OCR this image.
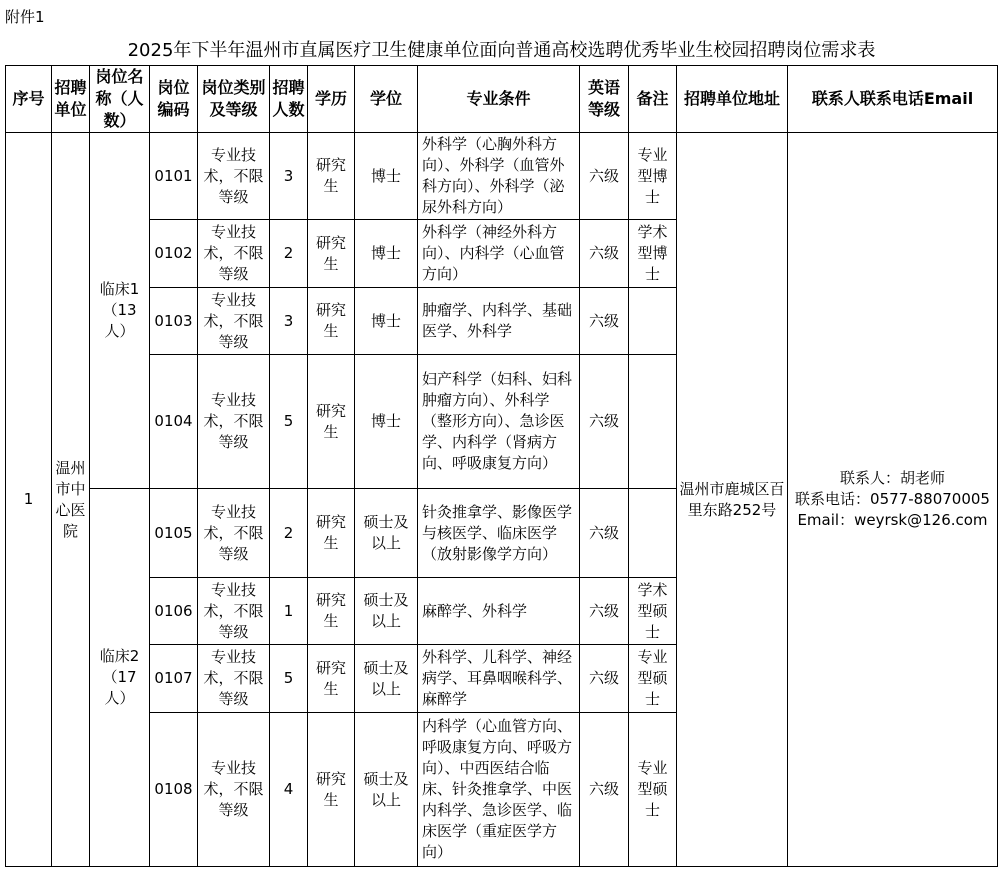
附件1
2025年下半年温州市直属医疗卫生健康单位面向普通高校选聘优秀毕业生校园招聘岗位需求表
序号	招聘单位	岗位名称（人数）	岗位编码	岗位类别及等级	招聘人数	学历	学位	专业条件	英语等级	备注	招聘单位地址	联系人联系电话Email
1	温州市中心医院	临床1（13人）	0101	专业技术，不限等级	3	研究生	博士	外科学（心胸外科方向）、外科学（血管外科方向）、外科学（泌尿外科方向）	六级	专业型博士	温州市鹿城区百里东路252号	联系人：胡老师
联系电话：0577-88070005
Email：weyrsk@126.com

			0102	专业技术，不限等级	2	研究生	博士	外科学（神经外科方向）、内科学（心血管方向）	六级	学术型博士		
			0103	专业技术，不限等级	3	研究生	博士	肿瘤学、内科学、基础医学、外科学	六级			
			0104	专业技术，不限等级	5	研究生	博士	妇产科学（妇科、妇科肿瘤方向）、外科学（整形方向）、急诊医学、内科学（肾病方向、呼吸康复方向）	六级			
		临床2（17人）	0105	专业技术，不限等级	2	研究生	硕士及以上	针灸推拿学、影像医学与核医学、临床医学（放射影像学方向）	六级			
			0106	专业技术，不限等级	1	研究生	硕士及以上	麻醉学、外科学	六级	学术型硕士		
			0107	专业技术，不限等级	5	研究生	硕士及以上	外科学、儿科学、神经病学、耳鼻咽喉科学、麻醉学	六级	专业型硕士		
			0108	专业技术，不限等级	4	研究生	硕士及以上	内科学（心血管方向、呼吸康复方向、呼吸方向）、中西医结合临床、针灸推拿学、中医内科学、急诊医学、临床医学（重症医学方向）	六级	专业型硕士		
